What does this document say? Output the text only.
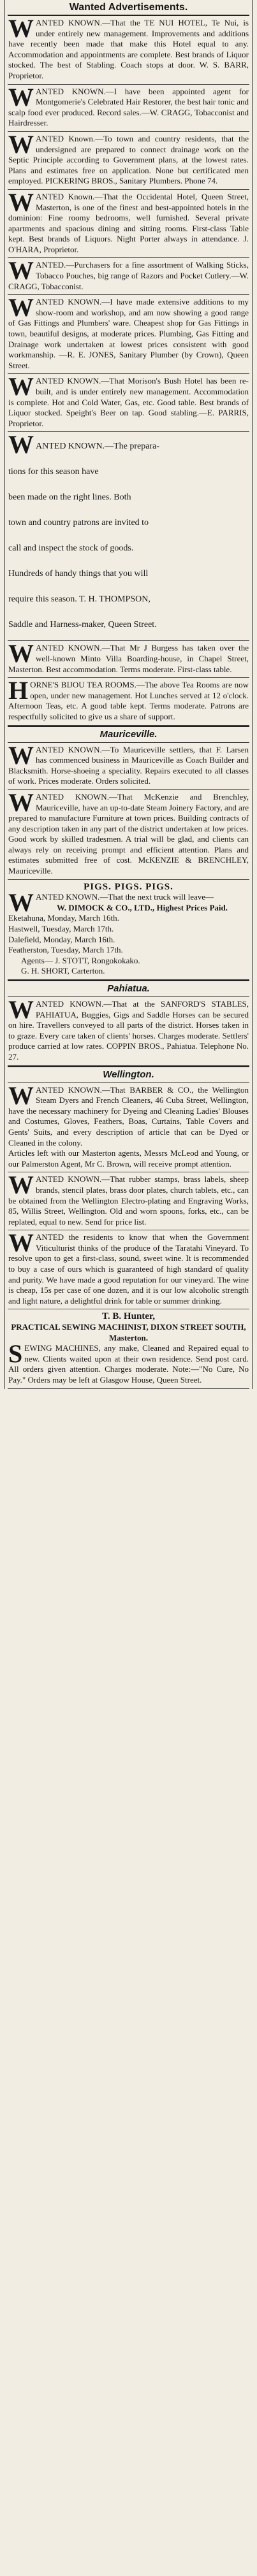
Wanted Advertisements.
W ANTED KNOWN.—That the TE NUI HOTEL, Te Nui, is under entirely new management. Improvements and additions have recently been made that make this Hotel equal to any. Accommodation and appointments are complete. Best brands of Liquor stocked. The best of Stabling. Coach stops at door. W. S. BARR, Proprietor.

W ANTED KNOWN.—I have been appointed agent for Montgomerie's Celebrated Hair Restorer, the best hair tonic and scalp food ever produced. Record sales.—W. CRAGG, Tobacconist and Hairdresser.

W ANTED Known.—To town and country residents, that the undersigned are prepared to connect drainage work on the Septic Principle according to Government plans, at the lowest rates. Plans and estimates free on application. None but certificated men employed. PICKERING BROS., Sanitary Plumbers. Phone 74.

W ANTED Known.—That the Occidental Hotel, Queen Street, Masterton, is one of the finest and best-appointed hotels in the dominion: Fine roomy bedrooms, well furnished. Several private apartments and spacious dining and sitting rooms. First-class Table kept. Best brands of Liquors. Night Porter always in attendance. J. O'HARA, Proprietor.

W ANTED.—Purchasers for a fine assortment of Walking Sticks, Tobacco Pouches, big range of Razors and Pocket Cutlery.—W. CRAGG, Tobacconist.

W ANTED KNOWN.—I have made extensive additions to my show-room and workshop, and am now showing a good range of Gas Fittings and Plumbers' ware. Cheapest shop for Gas Fittings in town, beautiful designs, at moderate prices. Plumbing, Gas Fitting and Drainage work undertaken at lowest prices consistent with good workmanship. —R. E. JONES, Sanitary Plumber (by Crown), Queen Street.

W ANTED KNOWN.—That Morison's Bush Hotel has been re-built, and is under entirely new management. Accommodation is complete. Hot and Cold Water, Gas, etc. Good table. Best brands of Liquor stocked. Speight's Beer on tap. Good stabling.—E. PARRIS, Proprietor.

W ANTED KNOWN.—The prepara-

tions for this season have

been made on the right lines. Both

town and country patrons are invited to

call and inspect the stock of goods.

Hundreds of handy things that you will

require this season. T. H. THOMPSON,

Saddle and Harness-maker, Queen Street.

W ANTED KNOWN.—That Mr J Burgess has taken over the well-known Minto Villa Boarding-house, in Chapel Street, Masterton. Best accommodation. Terms moderate. First-class table.

H ORNE'S BIJOU TEA ROOMS.—The above Tea Rooms are now open, under new management. Hot Lunches served at 12 o'clock. Afternoon Teas, etc. A good table kept. Terms moderate. Patrons are respectfully solicited to give us a share of support.

Mauriceville.
W ANTED KNOWN.—To Mauriceville settlers, that F. Larsen has commenced business in Mauriceville as Coach Builder and Blacksmith. Horse-shoeing a speciality. Repairs executed to all classes of work. Prices moderate. Orders solicited.

W ANTED KNOWN.—That McKenzie and Brenchley, Mauriceville, have an up-to-date Steam Joinery Factory, and are prepared to manufacture Furniture at town prices. Building contracts of any description taken in any part of the district undertaken at low prices. Good work by skilled tradesmen. A trial will be glad, and clients can always rely on receiving prompt and efficient attention. Plans and estimates submitted free of cost. McKENZIE & BRENCHLEY, Mauriceville.

PIGS. PIGS. PIGS.

W ANTED KNOWN.—That the next truck will leave—

W. DIMOCK & CO., LTD., Highest Prices Paid.

Eketahuna, Monday, March 16th.

Hastwell, Tuesday, March 17th.

Dalefield, Monday, March 16th.

Featherston, Tuesday, March 17th.

Agents— J. STOTT, Rongokokako.

G. H. SHORT, Carterton.

Pahiatua.
W ANTED KNOWN.—That at the SANFORD'S STABLES, PAHIATUA, Buggies, Gigs and Saddle Horses can be secured on hire. Travellers conveyed to all parts of the district. Horses taken in to graze. Every care taken of clients' horses. Charges moderate. Settlers' produce carried at low rates. COPPIN BROS., Pahiatua. Telephone No. 27.

Wellington.
W ANTED KNOWN.—That BARBER & CO., the Wellington Steam Dyers and French Cleaners, 46 Cuba Street, Wellington, have the necessary machinery for Dyeing and Cleaning Ladies' Blouses and Costumes, Gloves, Feathers, Boas, Curtains, Table Covers and Gents' Suits, and every description of article that can be Dyed or Cleaned in the colony.
Articles left with our Masterton agents, Messrs McLeod and Young, or our Palmerston Agent, Mr C. Brown, will receive prompt attention.

W ANTED KNOWN.—That rubber stamps, brass labels, sheep brands, stencil plates, brass door plates, church tablets, etc., can be obtained from the Wellington Electro-plating and Engraving Works, 85, Willis Street, Wellington. Old and worn spoons, forks, etc., can be replated, equal to new. Send for price list.

W ANTED the residents to know that when the Government Viticulturist thinks of the produce of the Taratahi Vineyard. To resolve upon to get a first-class, sound, sweet wine. It is recommended to buy a case of ours which is guaranteed of high standard of quality and purity. We have made a good reputation for our vineyard. The wine is cheap, 15s per case of one dozen, and it is our low alcoholic strength and light nature, a delightful drink for table or summer drinking.

T. B. Hunter,

PRACTICAL SEWING MACHINIST, DIXON STREET SOUTH, Masterton.

S EWING MACHINES, any make, Cleaned and Repaired equal to new. Clients waited upon at their own residence. Send post card. All orders given attention. Charges moderate. Note:—"No Cure, No Pay." Orders may be left at Glasgow House, Queen Street.
